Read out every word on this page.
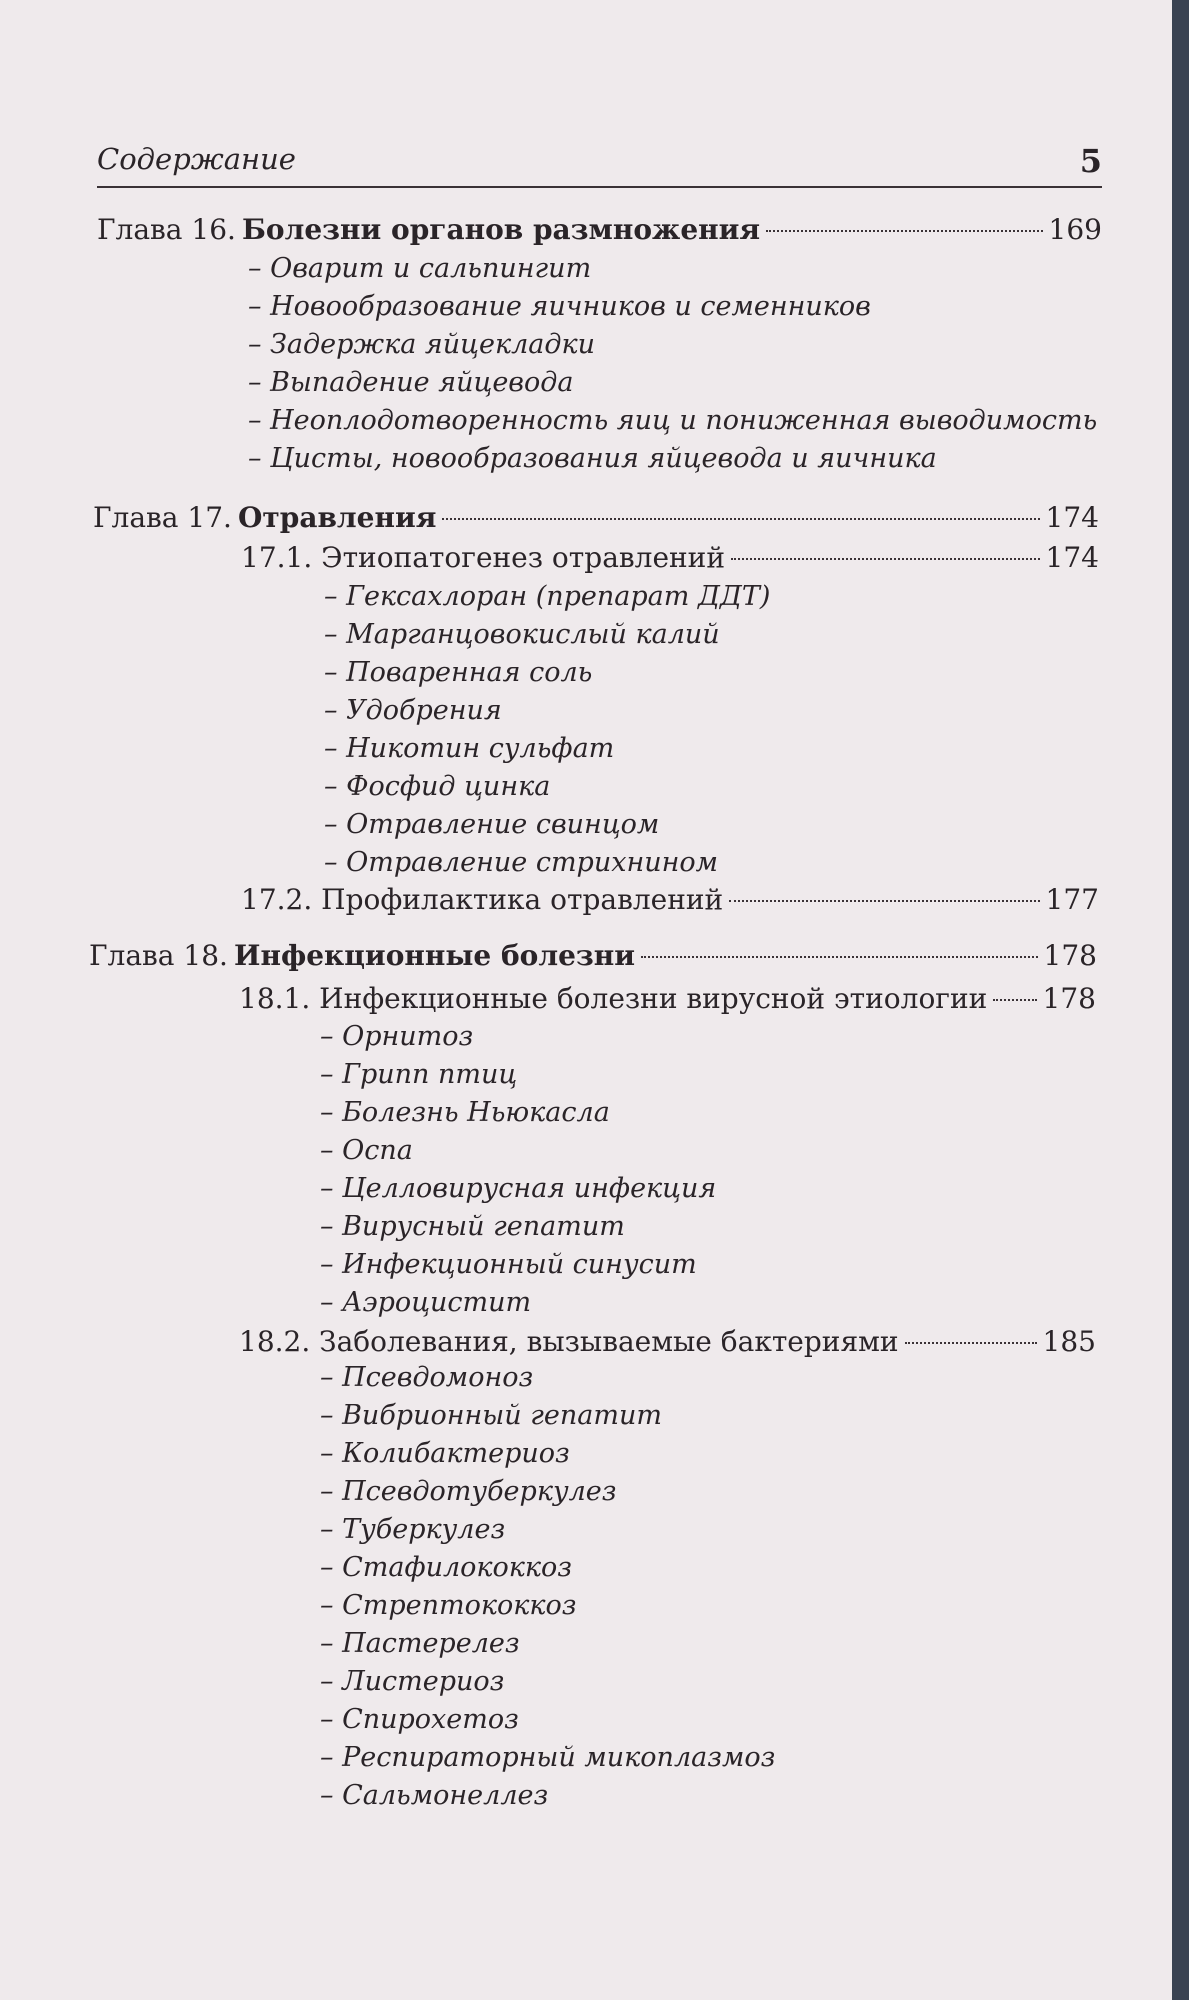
Содержание	5
Глава 16. Болезни органов размножения	169
– Оварит и сальпингит
– Новообразование яичников и семенников
– Задержка яйцекладки
– Выпадение яйцевода
– Неоплодотворенность яиц и пониженная выводимость
– Цисты, новообразования яйцевода и яичника
Глава 17. Отравления	174
17.1. Этиопатогенез отравлений	174
– Гексахлоран (препарат ДДТ)
– Марганцовокислый калий
– Поваренная соль
– Удобрения
– Никотин сульфат
– Фосфид цинка
– Отравление свинцом
– Отравление стрихнином
17.2. Профилактика отравлений	177
Глава 18. Инфекционные болезни	178
18.1. Инфекционные болезни вирусной этиологии 178
– Орнитоз
– Грипп птиц
– Болезнь Ньюкасла
– Оспа
– Целловирусная инфекция
– Вирусный гепатит
– Инфекционный синусит
– Аэроцистит
18.2. Заболевания, вызываемые бактериями	185
– Псевдомоноз
– Вибрионный гепатит
– Колибактериоз
– Псевдотуберкулез
– Туберкулез
– Стафилококкоз
– Стрептококкоз
– Пастерелез
– Листериоз
– Спирохетоз
– Респираторный микоплазмоз
– Сальмонеллез
